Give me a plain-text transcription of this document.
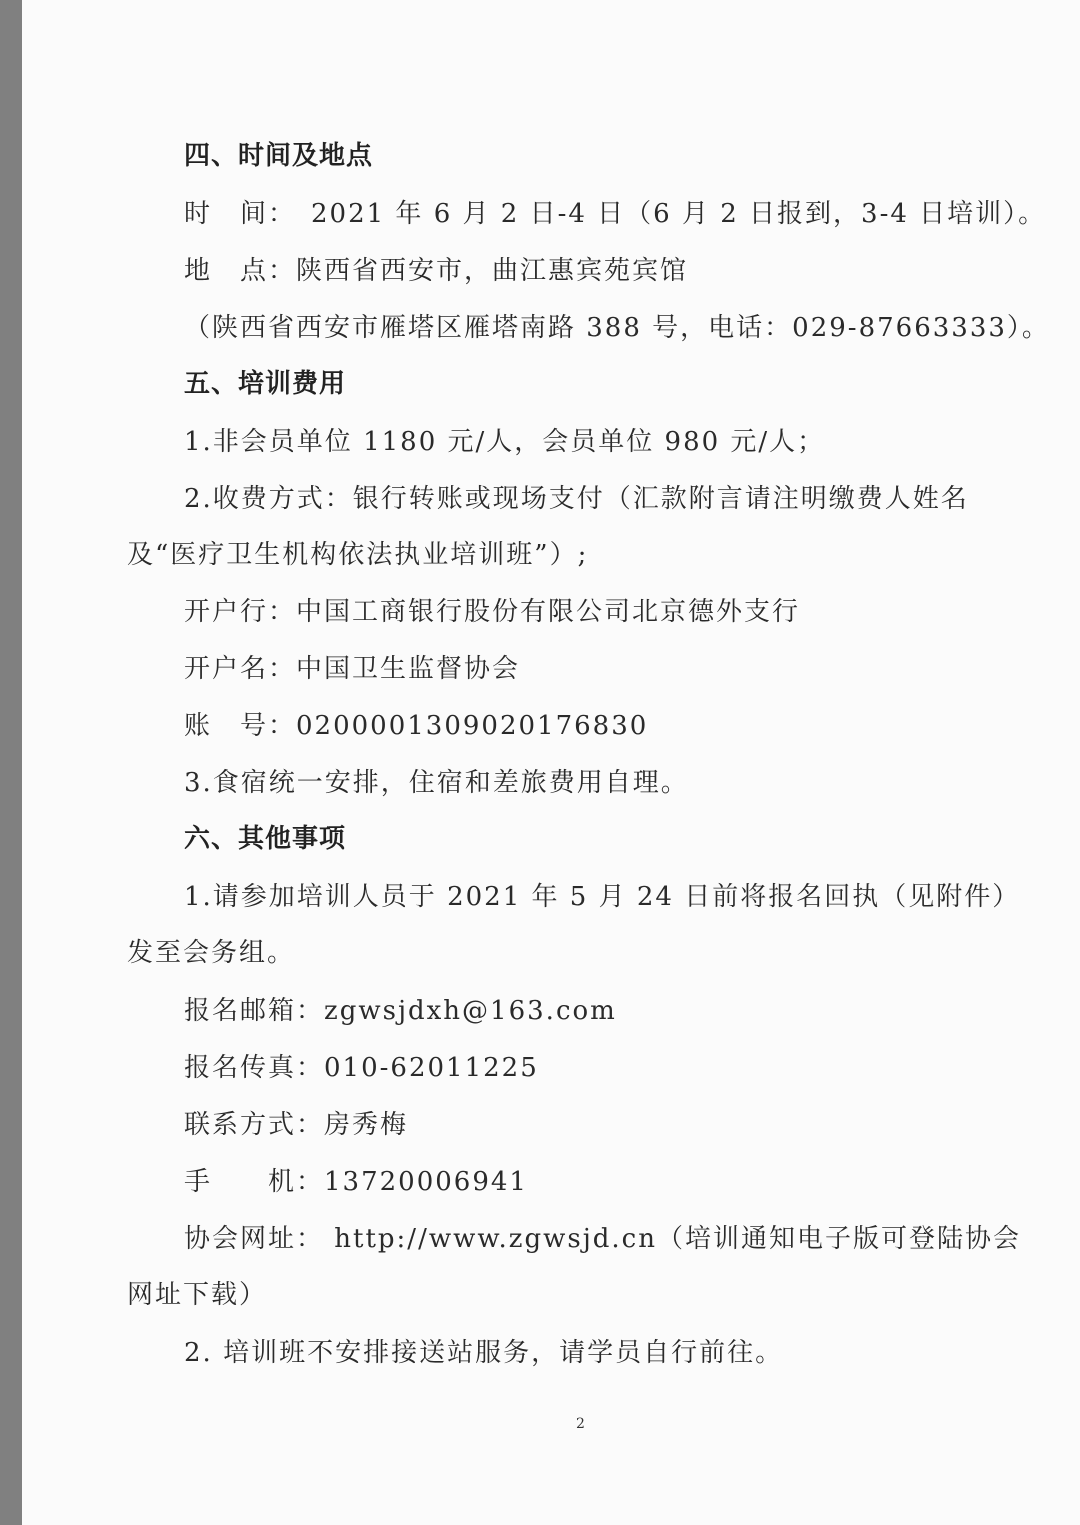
四、时间及地点
时　间：　2021 年 6 月 2 日-4 日（6 月 2 日报到，3-4 日培训）。
地　点：陕西省西安市，曲江惠宾苑宾馆
（陕西省西安市雁塔区雁塔南路 388 号，电话：029-87663333）。
五、培训费用
1.非会员单位 1180 元/人，会员单位 980 元/人；
2.收费方式：银行转账或现场支付（汇款附言请注明缴费人姓名
及“医疗卫生机构依法执业培训班”）;
开户行：中国工商银行股份有限公司北京德外支行
开户名：中国卫生监督协会
账　号：0200001309020176830
3.食宿统一安排，住宿和差旅费用自理。
六、其他事项
1.请参加培训人员于 2021 年 5 月 24 日前将报名回执（见附件）
发至会务组。
报名邮箱：zgwsjdxh@163.com
报名传真：010-62011225
联系方式：房秀梅
手　　机：13720006941
协会网址： http://www.zgwsjd.cn（培训通知电子版可登陆协会
网址下载）
2. 培训班不安排接送站服务，请学员自行前往。
2
